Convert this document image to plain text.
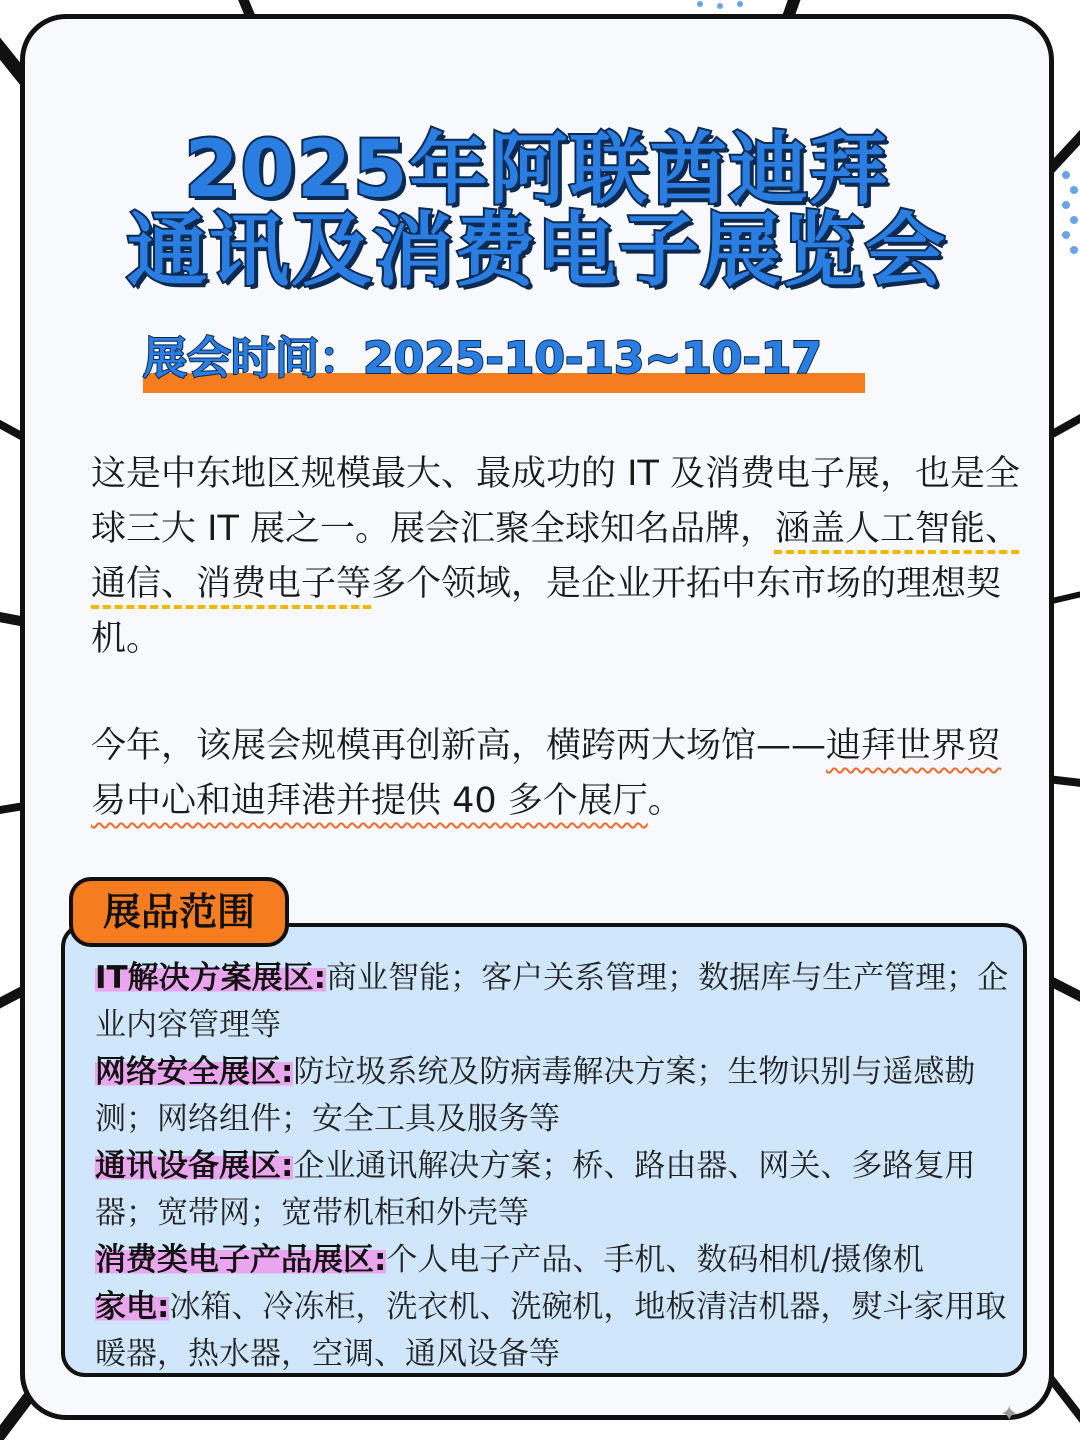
2025年阿联酋迪拜
通讯及消费电子展览会
展会时间：2025-10-13~10-17

这是中东地区规模最大、最成功的 IT 及消费电子展，也是全球三大 IT 展之一。展会汇聚全球知名品牌，涵盖人工智能、通信、消费电子等多个领域，是企业开拓中东市场的理想契机。

今年，该展会规模再创新高，横跨两大场馆——迪拜世界贸易中心和迪拜港并提供 40 多个展厅。

展品范围

IT解决方案展区:商业智能；客户关系管理；数据库与生产管理；企业内容管理等

网络安全展区:防垃圾系统及防病毒解决方案；生物识别与遥感勘测；网络组件；安全工具及服务等

通讯设备展区:企业通讯解决方案；桥、路由器、网关、多路复用器；宽带网；宽带机柜和外壳等

消费类电子产品展区:个人电子产品、手机、数码相机/摄像机

家电:冰箱、冷冻柜，洗衣机、洗碗机，地板清洁机器，熨斗家用取暖器，热水器，空调、通风设备等

✦
